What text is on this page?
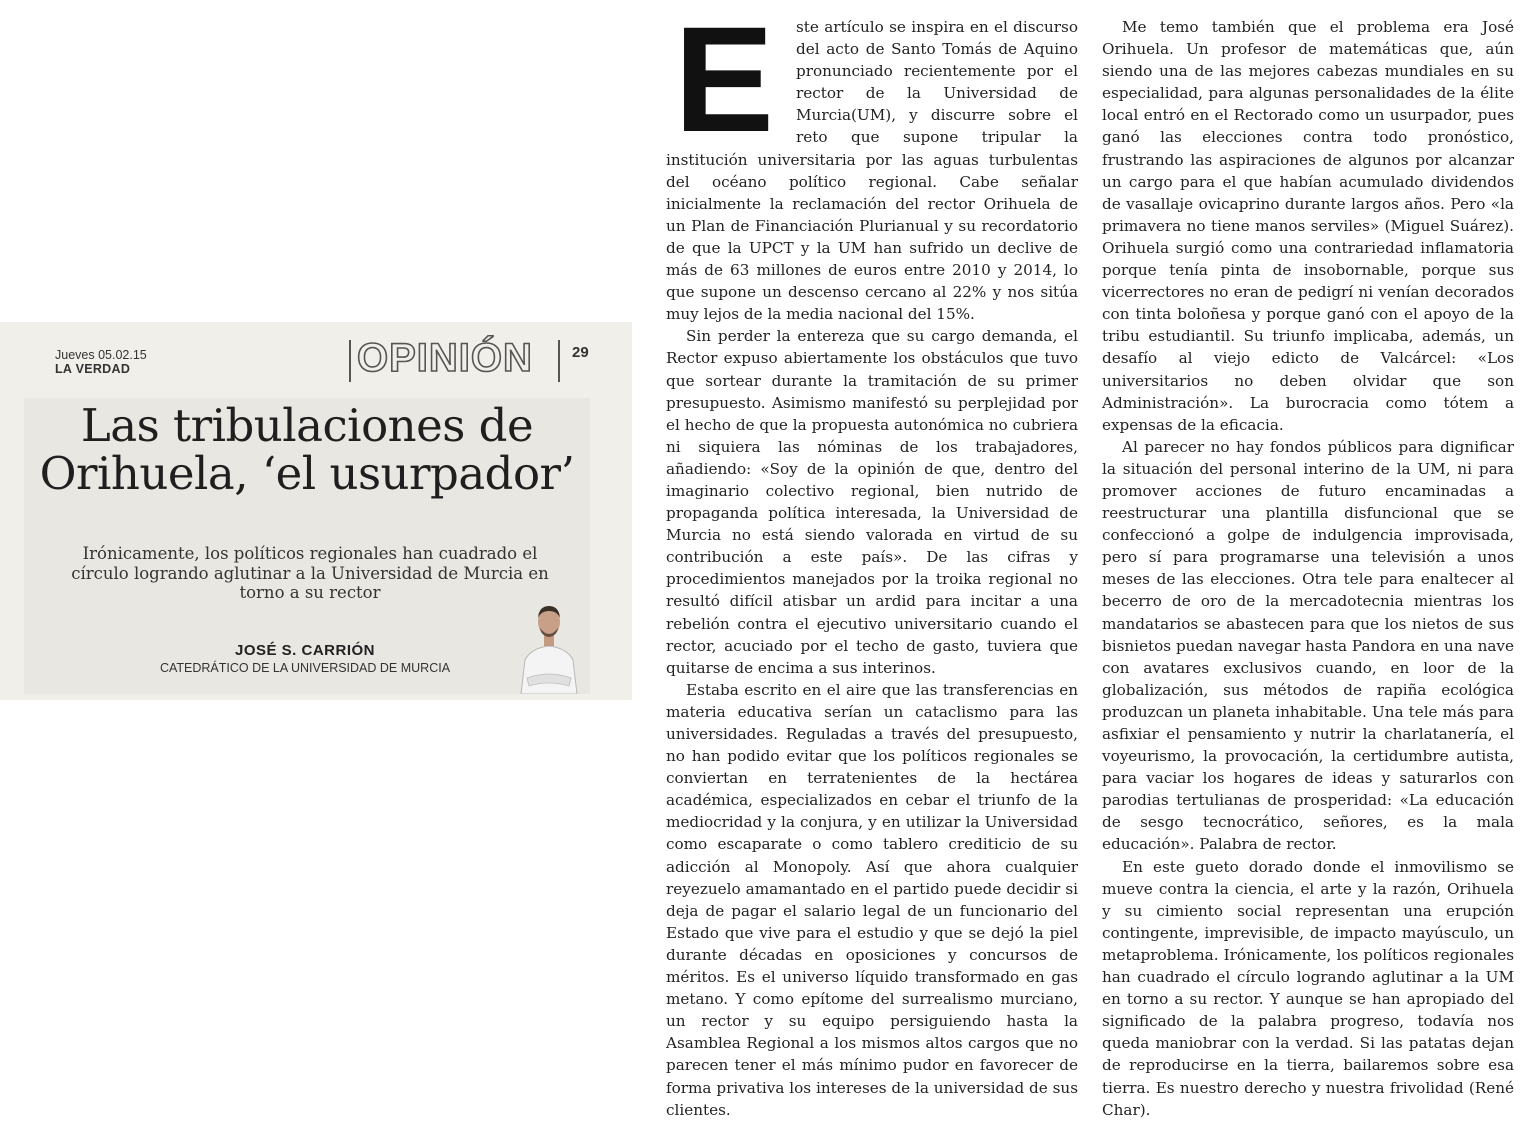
Jueves 05.02.15
LA VERDAD	OPINIÓN	29
Las tribulaciones de
Orihuela, ‘el usurpador’
Irónicamente, los políticos regionales han cuadrado el círculo logrando aglutinar a la Universidad de Murcia en torno a su rector
JOSÉ S. CARRIÓN
CATEDRÁTICO DE LA UNIVERSIDAD DE MURCIA

E	ste artículo se inspira en el discurso del acto de Santo Tomás de Aquino pronunciado recientemente por el rector de la Universidad de Murcia(UM), y discurre sobre el reto que supone tripular la institución universitaria por las aguas turbulentas del océano político regional. Cabe señalar inicialmente la reclamación del rector Orihuela de un Plan de Financiación Plurianual y su recordatorio de que la UPCT y la UM han sufrido un declive de más de 63 millones de euros entre 2010 y 2014, lo que supone un descenso cercano al 22% y nos sitúa muy lejos de la media nacional del 15%.

Sin perder la entereza que su cargo demanda, el Rector expuso abiertamente los obstáculos que tuvo que sortear durante la tramitación de su primer presupuesto. Asimismo manifestó su perplejidad por el hecho de que la propuesta autonómica no cubriera ni siquiera las nóminas de los trabajadores, añadiendo: «Soy de la opinión de que, dentro del imaginario colectivo regional, bien nutrido de propaganda política interesada, la Universidad de Murcia no está siendo valorada en virtud de su contribución a este país». De las cifras y procedimientos manejados por la troika regional no resultó difícil atisbar un ardid para incitar a una rebelión contra el ejecutivo universitario cuando el rector, acuciado por el techo de gasto, tuviera que quitarse de encima a sus interinos.

Estaba escrito en el aire que las transferencias en materia educativa serían un cataclismo para las universidades. Reguladas a través del presupuesto, no han podido evitar que los políticos regionales se conviertan en terratenientes de la hectárea académica, especializados en cebar el triunfo de la mediocridad y la conjura, y en utilizar la Universidad como escaparate o como tablero crediticio de su adicción al Monopoly. Así que ahora cualquier reyezuelo amamantado en el partido puede decidir si deja de pagar el salario legal de un funcionario del Estado que vive para el estudio y que se dejó la piel durante décadas en oposiciones y concursos de méritos. Es el universo líquido transformado en gas metano. Y como epítome del surrealismo murciano, un rector y su equipo persiguiendo hasta la Asamblea Regional a los mismos altos cargos que no parecen tener el más mínimo pudor en favorecer de forma privativa los intereses de la universidad de sus clientes.

Me temo también que el problema era José Orihuela. Un profesor de matemáticas que, aún siendo una de las mejores cabezas mundiales en su especialidad, para algunas personalidades de la élite local entró en el Rectorado como un usurpador, pues ganó las elecciones contra todo pronóstico, frustrando las aspiraciones de algunos por alcanzar un cargo para el que habían acumulado dividendos de vasallaje ovicaprino durante largos años. Pero «la primavera no tiene manos serviles» (Miguel Suárez). Orihuela surgió como una contrariedad inflamatoria porque tenía pinta de insobornable, porque sus vicerrectores no eran de pedigrí ni venían decorados con tinta boloñesa y porque ganó con el apoyo de la tribu estudiantil. Su triunfo implicaba, además, un desafío al viejo edicto de Valcárcel: «Los universitarios no deben olvidar que son Administración». La burocracia como tótem a expensas de la eficacia.

Al parecer no hay fondos públicos para dignificar la situación del personal interino de la UM, ni para promover acciones de futuro encaminadas a reestructurar una plantilla disfuncional que se confeccionó a golpe de indulgencia improvisada, pero sí para programarse una televisión a unos meses de las elecciones. Otra tele para enaltecer al becerro de oro de la mercadotecnia mientras los mandatarios se abastecen para que los nietos de sus bisnietos puedan navegar hasta Pandora en una nave con avatares exclusivos cuando, en loor de la globalización, sus métodos de rapiña ecológica produzcan un planeta inhabitable. Una tele más para asfixiar el pensamiento y nutrir la charlatanería, el voyeurismo, la provocación, la certidumbre autista, para vaciar los hogares de ideas y saturarlos con parodias tertulianas de prosperidad: «La educación de sesgo tecnocrático, señores, es la mala educación». Palabra de rector.

En este gueto dorado donde el inmovilismo se mueve contra la ciencia, el arte y la razón, Orihuela y su cimiento social representan una erupción contingente, imprevisible, de impacto mayúsculo, un metaproblema. Irónicamente, los políticos regionales han cuadrado el círculo logrando aglutinar a la UM en torno a su rector. Y aunque se han apropiado del significado de la palabra progreso, todavía nos queda maniobrar con la verdad. Si las patatas dejan de reproducirse en la tierra, bailaremos sobre esa tierra. Es nuestro derecho y nuestra frivolidad (René Char).
